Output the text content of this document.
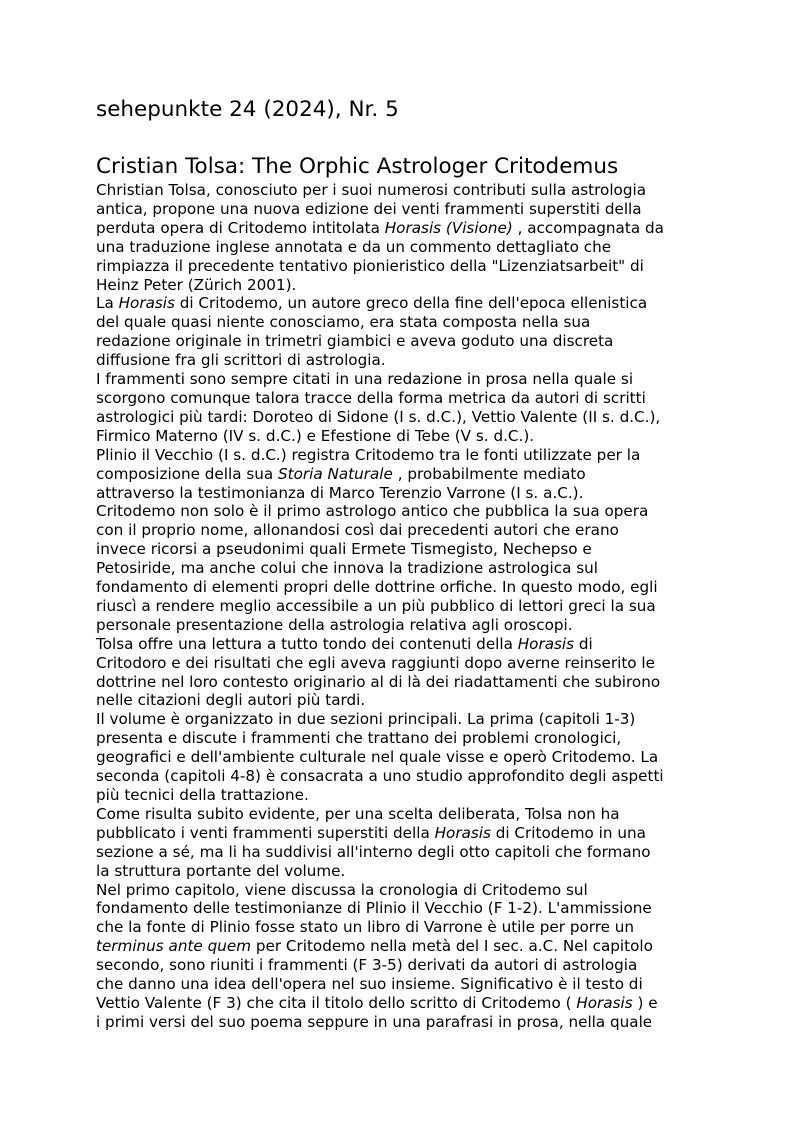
sehepunkte 24 (2024), Nr. 5
Cristian Tolsa: The Orphic Astrologer Critodemus
Christian Tolsa, conosciuto per i suoi numerosi contributi sulla astrologia
antica, propone una nuova edizione dei venti frammenti superstiti della
perduta opera di Critodemo intitolata Horasis (Visione) , accompagnata da
una traduzione inglese annotata e da un commento dettagliato che
rimpiazza il precedente tentativo pionieristico della "Lizenziatsarbeit" di
Heinz Peter (Zürich 2001).
La Horasis di Critodemo, un autore greco della fine dell'epoca ellenistica
del quale quasi niente conosciamo, era stata composta nella sua
redazione originale in trimetri giambici e aveva goduto una discreta
diffusione fra gli scrittori di astrologia.
I frammenti sono sempre citati in una redazione in prosa nella quale si
scorgono comunque talora tracce della forma metrica da autori di scritti
astrologici più tardi: Doroteo di Sidone (I s. d.C.), Vettio Valente (II s. d.C.),
Firmico Materno (IV s. d.C.) e Efestione di Tebe (V s. d.C.).
Plinio il Vecchio (I s. d.C.) registra Critodemo tra le fonti utilizzate per la
composizione della sua Storia Naturale , probabilmente mediato
attraverso la testimonianza di Marco Terenzio Varrone (I s. a.C.).
Critodemo non solo è il primo astrologo antico che pubblica la sua opera
con il proprio nome, allonandosi così dai precedenti autori che erano
invece ricorsi a pseudonimi quali Ermete Tismegisto, Nechepso e
Petosiride, ma anche colui che innova la tradizione astrologica sul
fondamento di elementi propri delle dottrine orfiche. In questo modo, egli
riuscì a rendere meglio accessibile a un più pubblico di lettori greci la sua
personale presentazione della astrologia relativa agli oroscopi.
Tolsa offre una lettura a tutto tondo dei contenuti della Horasis di
Critodoro e dei risultati che egli aveva raggiunti dopo averne reinserito le
dottrine nel loro contesto originario al di là dei riadattamenti che subirono
nelle citazioni degli autori più tardi.
Il volume è organizzato in due sezioni principali. La prima (capitoli 1-3)
presenta e discute i frammenti che trattano dei problemi cronologici,
geografici e dell'ambiente culturale nel quale visse e operò Critodemo. La
seconda (capitoli 4-8) è consacrata a uno studio approfondito degli aspetti
più tecnici della trattazione.
Come risulta subito evidente, per una scelta deliberata, Tolsa non ha
pubblicato i venti frammenti superstiti della Horasis di Critodemo in una
sezione a sé, ma li ha suddivisi all'interno degli otto capitoli che formano
la struttura portante del volume.
Nel primo capitolo, viene discussa la cronologia di Critodemo sul
fondamento delle testimonianze di Plinio il Vecchio (F 1-2). L'ammissione
che la fonte di Plinio fosse stato un libro di Varrone è utile per porre un
terminus ante quem per Critodemo nella metà del I sec. a.C. Nel capitolo
secondo, sono riuniti i frammenti (F 3-5) derivati da autori di astrologia
che danno una idea dell'opera nel suo insieme. Significativo è il testo di
Vettio Valente (F 3) che cita il titolo dello scritto di Critodemo ( Horasis ) e
i primi versi del suo poema seppure in una parafrasi in prosa, nella quale
